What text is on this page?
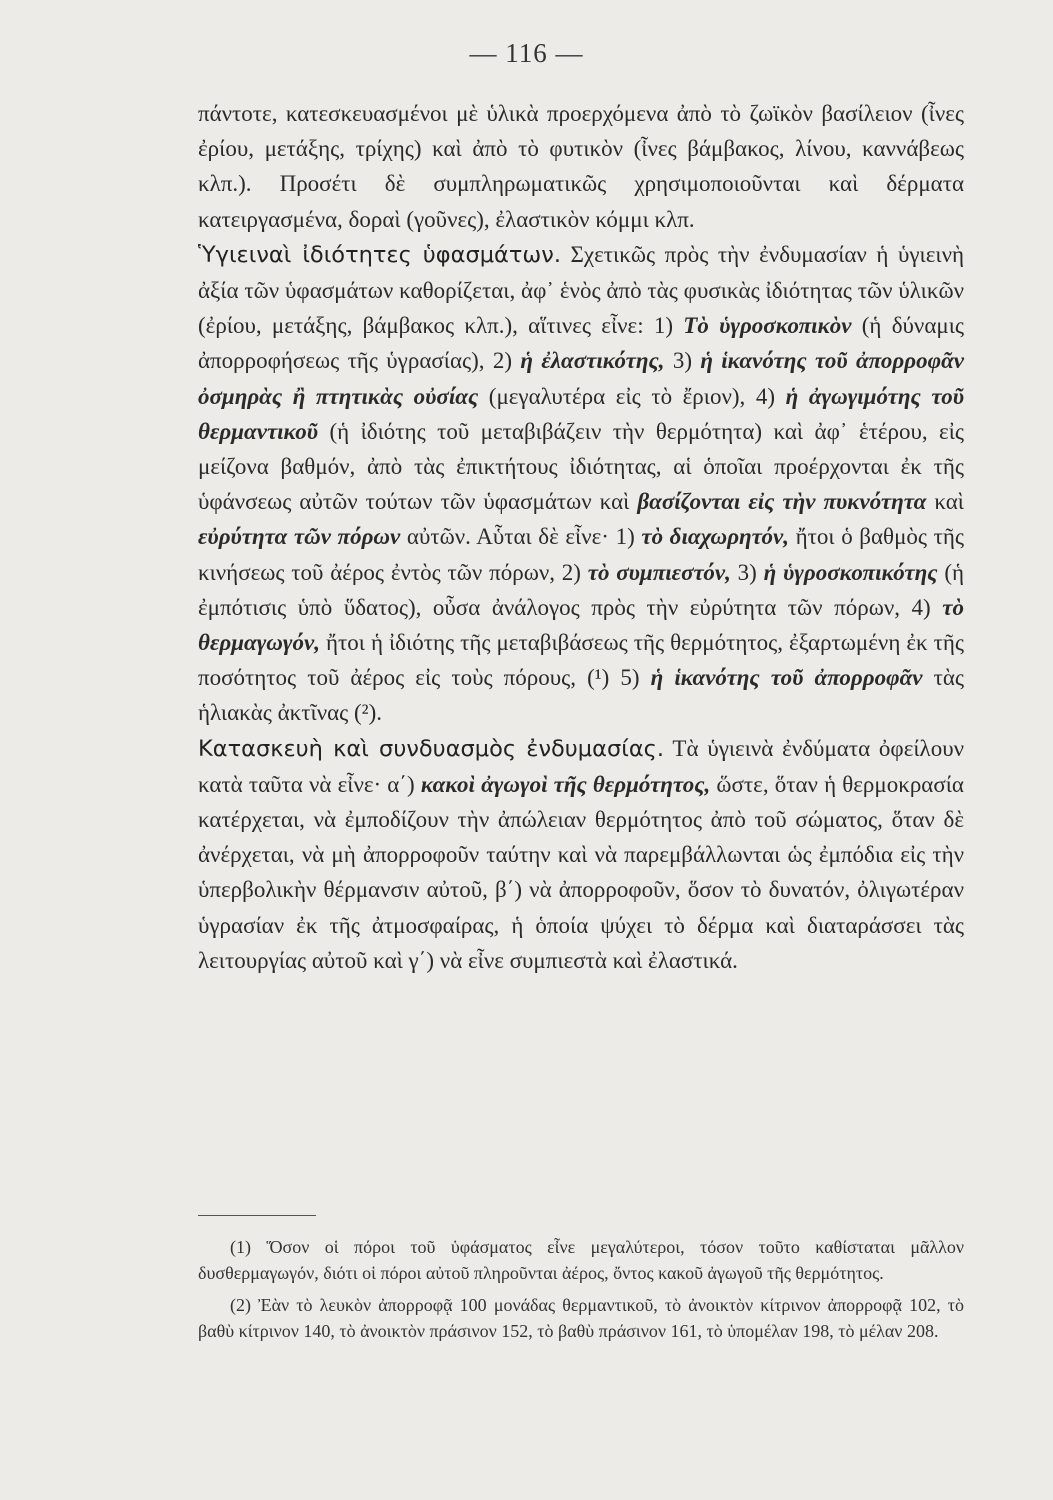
— 116 —

πάντοτε, κατεσκευασμένοι μὲ ὑλικὰ προερχόμενα ἀπὸ τὸ ζωϊκὸν βασίλειον (ἶνες ἐρίου, μετάξης, τρίχης) καὶ ἀπὸ τὸ φυτικὸν (ἶνες βάμβακος, λίνου, καννάβεως κλπ.). Προσέτι δὲ συμπληρωματικῶς χρησιμοποιοῦνται καὶ δέρματα κατειργασμένα, δοραὶ (γοῦνες), ἐλαστικὸν κόμμι κλπ.

Ὑγιειναὶ ἰδιότητες ὑφασμάτων. Σχετικῶς πρὸς τὴν ἐνδυμασίαν ἡ ὑγιεινὴ ἀξία τῶν ὑφασμάτων καθορίζεται, ἀφ᾽ ἑνὸς ἀπὸ τὰς φυσικὰς ἰδιότητας τῶν ὑλικῶν (ἐρίου, μετάξης, βάμβακος κλπ.), αἵτινες εἶνε: 1) Τὸ ὑγροσκοπικὸν (ἡ δύναμις ἀπορροφήσεως τῆς ὑγρασίας), 2) ἡ ἐλαστικότης, 3) ἡ ἱκανότης τοῦ ἀπορροφᾶν ὀσμηρὰς ἢ πτητικὰς οὐσίας (μεγαλυτέρα εἰς τὸ ἔριον), 4) ἡ ἀγωγιμότης τοῦ θερμαντικοῦ (ἡ ἰδιότης τοῦ μεταβιβάζειν τὴν θερμότητα) καὶ ἀφ᾽ ἑτέρου, εἰς μείζονα βαθμόν, ἀπὸ τὰς ἐπικτήτους ἰδιότητας, αἱ ὁποῖαι προέρχονται ἐκ τῆς ὑφάνσεως αὐτῶν τούτων τῶν ὑφασμάτων καὶ βασίζονται εἰς τὴν πυκνότητα καὶ εὐρύτητα τῶν πόρων αὐτῶν. Αὗται δὲ εἶνε· 1) τὸ διαχωρητόν, ἤτοι ὁ βαθμὸς τῆς κινήσεως τοῦ ἀέρος ἐντὸς τῶν πόρων, 2) τὸ συμπιεστόν, 3) ἡ ὑγροσκοπικότης (ἡ ἐμπότισις ὑπὸ ὕδατος), οὖσα ἀνάλογος πρὸς τὴν εὐρύτητα τῶν πόρων, 4) τὸ θερμαγωγόν, ἤτοι ἡ ἰδιότης τῆς μεταβιβάσεως τῆς θερμότητος, ἐξαρτωμένη ἐκ τῆς ποσότητος τοῦ ἀέρος εἰς τοὺς πόρους, (¹) 5) ἡ ἱκανότης τοῦ ἀπορροφᾶν τὰς ἡλιακὰς ἀκτῖνας (²).

Κατασκευὴ καὶ συνδυασμὸς ἐνδυμασίας. Τὰ ὑγιεινὰ ἐνδύματα ὀφείλουν κατὰ ταῦτα νὰ εἶνε· α΄) κακοὶ ἀγωγοὶ τῆς θερμότητος, ὥστε, ὅταν ἡ θερμοκρασία κατέρχεται, νὰ ἐμποδίζουν τὴν ἀπώλειαν θερμότητος ἀπὸ τοῦ σώματος, ὅταν δὲ ἀνέρχεται, νὰ μὴ ἀπορροφοῦν ταύτην καὶ νὰ παρεμβάλλωνται ὡς ἐμπόδια εἰς τὴν ὑπερβολικὴν θέρμανσιν αὐτοῦ, β΄) νὰ ἀπορροφοῦν, ὅσον τὸ δυνατόν, ὀλιγωτέραν ὑγρασίαν ἐκ τῆς ἀτμοσφαίρας, ἡ ὁποία ψύχει τὸ δέρμα καὶ διαταράσσει τὰς λειτουργίας αὐτοῦ καὶ γ΄) νὰ εἶνε συμπιεστὰ καὶ ἐλαστικά.

(1) Ὅσον οἱ πόροι τοῦ ὑφάσματος εἶνε μεγαλύτεροι, τόσον τοῦτο καθίσταται μᾶλλον δυσθερμαγωγόν, διότι οἱ πόροι αὐτοῦ πληροῦνται ἀέρος, ὄντος κακοῦ ἀγωγοῦ τῆς θερμότητος.

(2) Ἐὰν τὸ λευκὸν ἀπορροφᾷ 100 μονάδας θερμαντικοῦ, τὸ ἀνοικτὸν κίτρινον ἀπορροφᾷ 102, τὸ βαθὺ κίτρινον 140, τὸ ἀνοικτὸν πράσινον 152, τὸ βαθὺ πράσινον 161, τὸ ὑπομέλαν 198, τὸ μέλαν 208.
